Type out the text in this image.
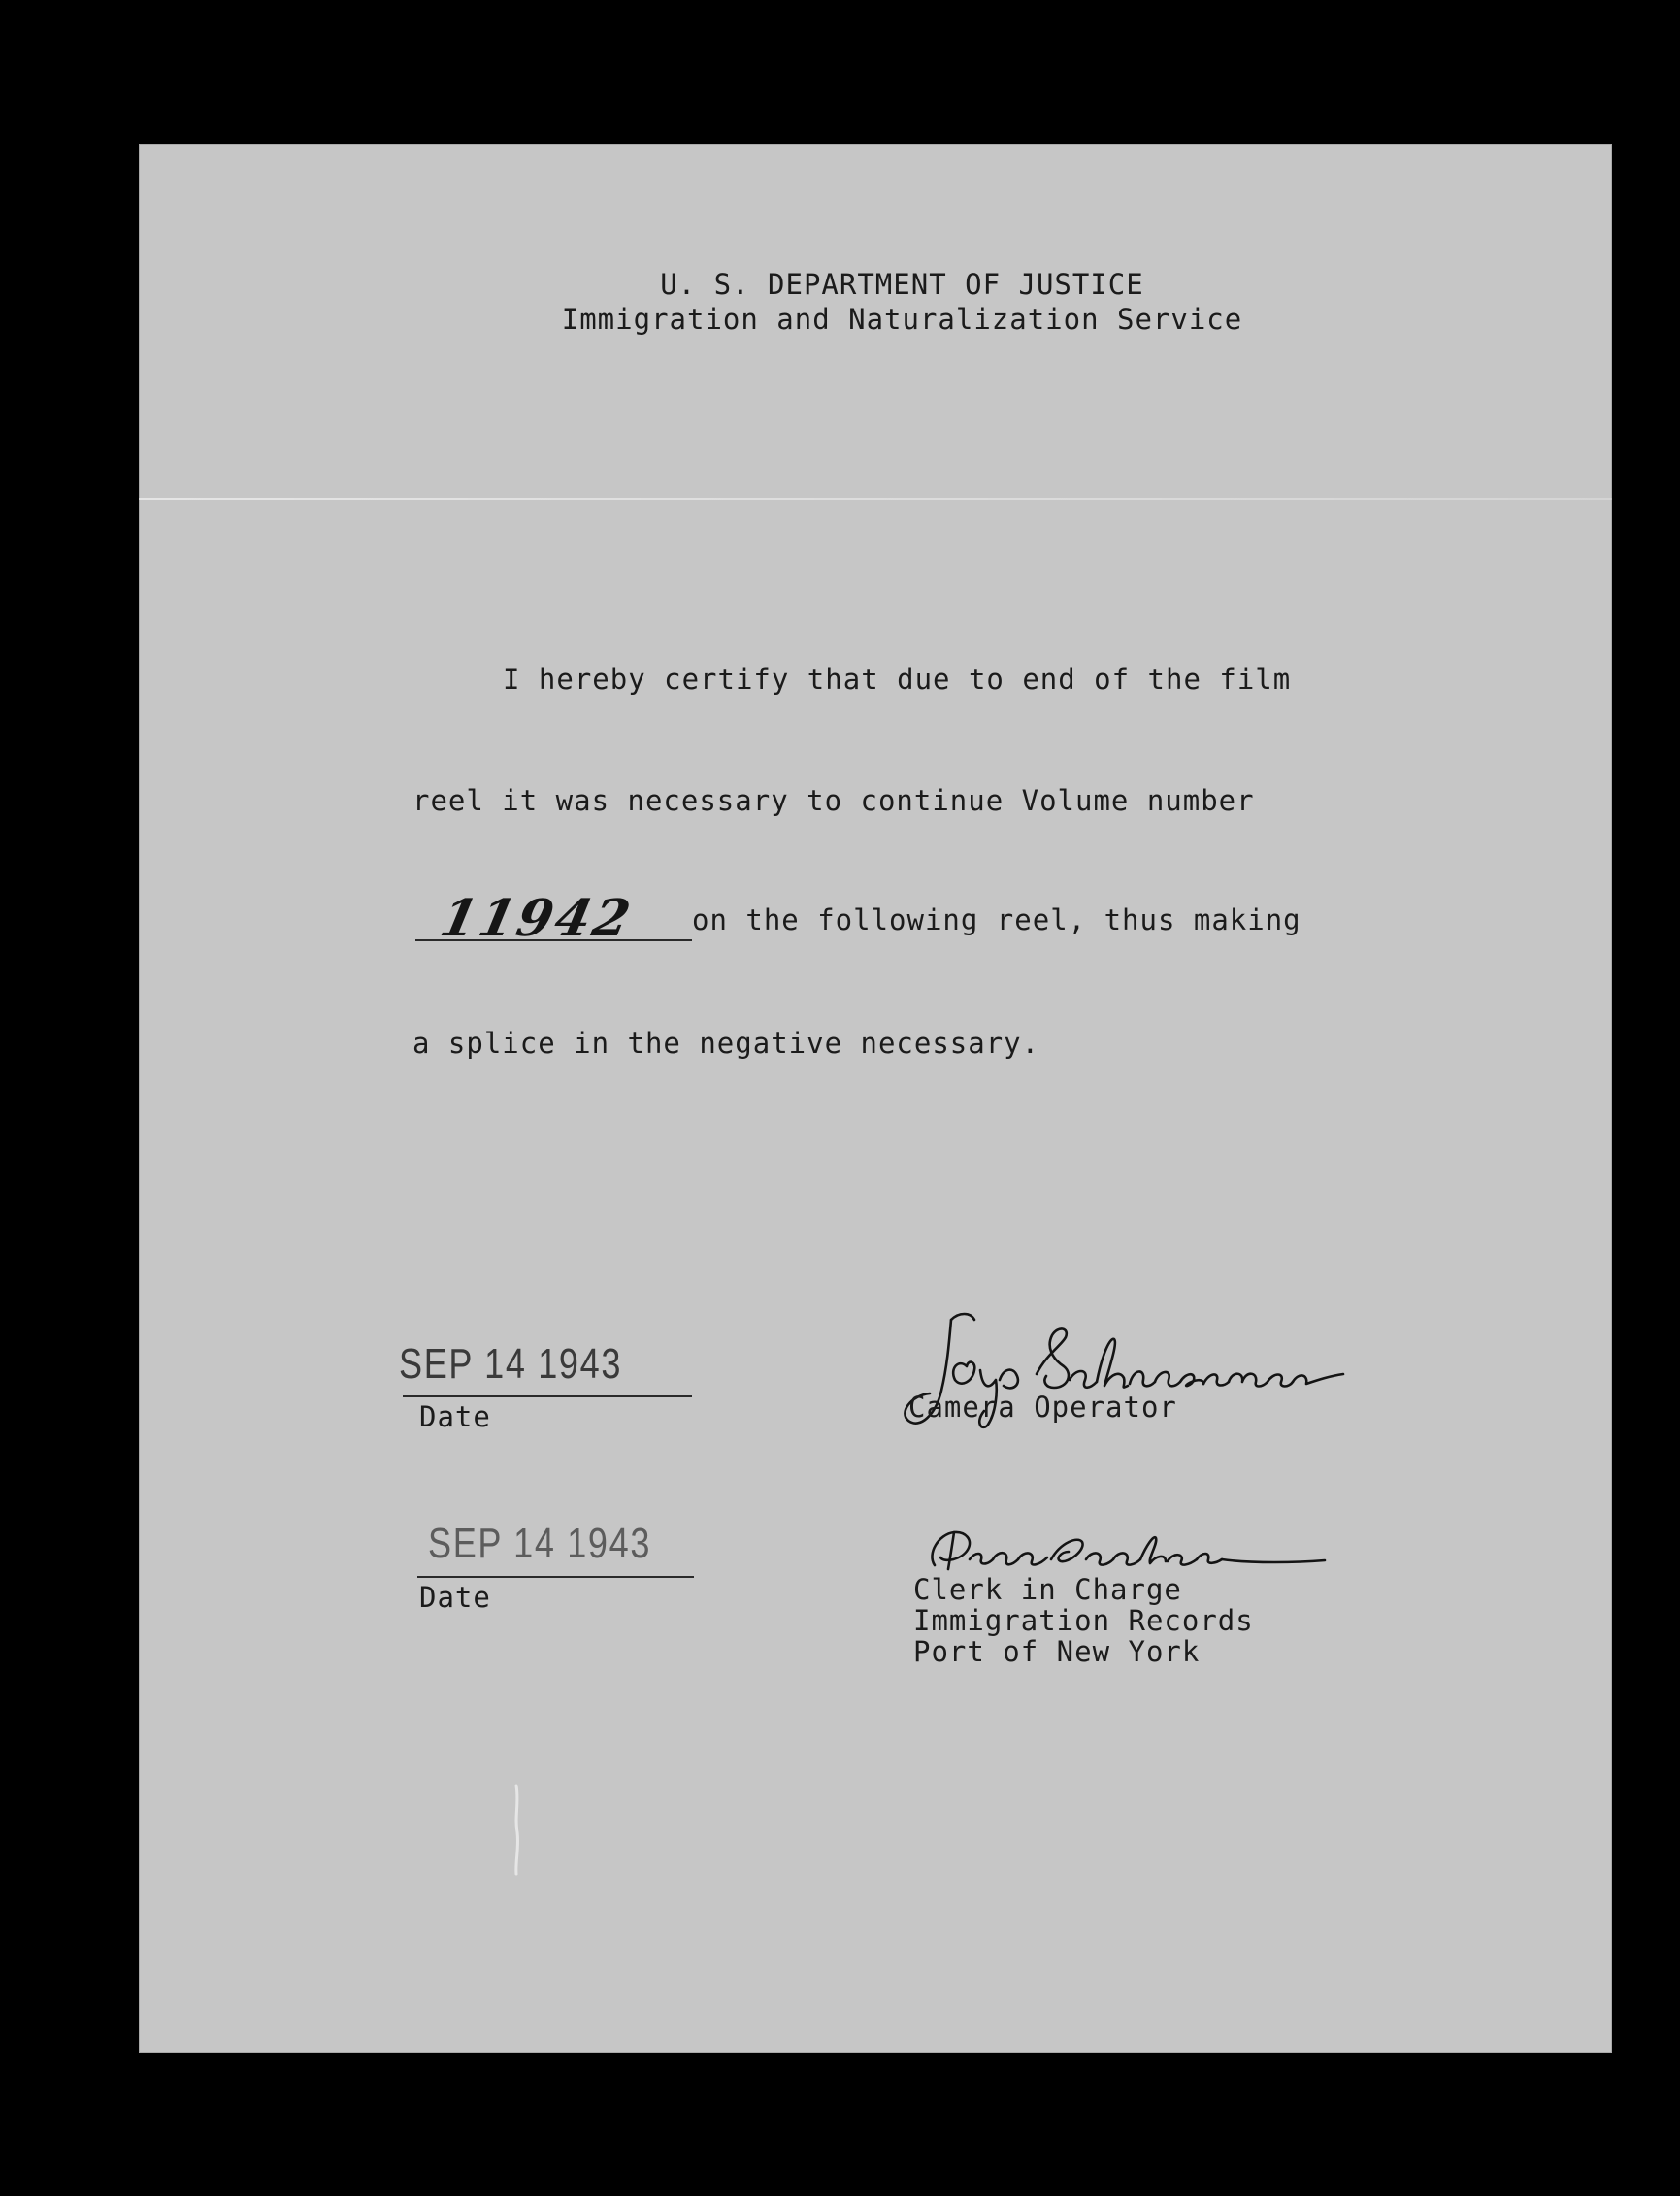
U. S. DEPARTMENT OF JUSTICE
Immigration and Naturalization Service
I hereby certify that due to end of the film
reel it was necessary to continue Volume number
11942 on the following reel, thus making
a splice in the negative necessary.
SEP 14 1943
Date	Camera Operator
SEP 14 1943
Date	Clerk in Charge
Immigration Records
Port of New York
